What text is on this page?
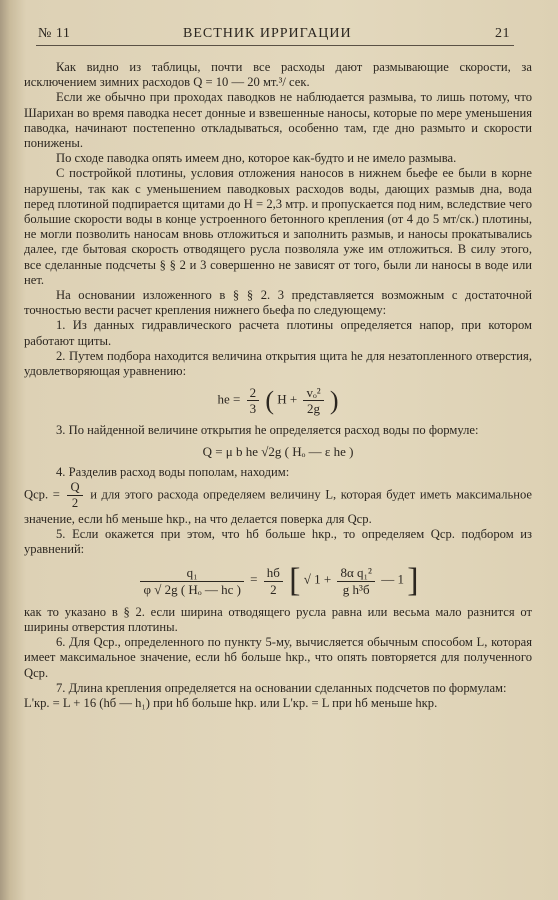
№ 11	ВЕСТНИК ИРРИГАЦИИ	21

Как видно из таблицы, почти все расходы дают размывающие скорости, за исключением зимних расходов Q = 10 — 20 мт.³/ сек.

Если же обычно при проходах паводков не наблюдается размыва, то лишь потому, что Шарихан во время паводка несет донные и взвешенные наносы, которые по мере уменьшения паводка, начинают постепенно откладываться, особенно там, где дно размыто и скорости понижены.

По сходе паводка опять имеем дно, которое как-будто и не имело размыва.

С постройкой плотины, условия отложения наносов в нижнем бьефе ее были в корне нарушены, так как с уменьшением паводковых расходов воды, дающих размыв дна, вода перед плотиной подпирается щитами до H = 2,3 мтр. и пропускается под ним, вследствие чего большие скорости воды в конце устроенного бетонного крепления (от 4 до 5 мт/ск.) плотины, не могли позволить наносам вновь отложиться и заполнить размыв, и наносы прокатывались далее, где бытовая скорость отводящего русла позволяла уже им отложиться. В силу этого, все сделанные подсчеты § § 2 и 3 совершенно не зависят от того, были ли наносы в воде или нет.

На основании изложенного в § § 2. 3 представляется возможным с достаточной точностью вести расчет крепления нижнего бьефа по следующему:

1. Из данных гидравлического расчета плотины определяется напор, при котором работают щиты.

2. Путем подбора находится величина открытия щита hе для незатопленного отверстия, удовлетворяющая уравнению:

hе = $\frac{2}{3}$ ( $H + \frac{\text{vₒ²}}{2g}$ )

3. По найденной величине открытия hе определяется расход воды по формуле:

Q = μ b hе √2g ( Hₒ — ε hе )

4. Разделив расход воды пополам, находим:

Qср. = $\frac{Q}{2}$ и для этого расхода определяем величину L, которая будет иметь максимальное значение, если hб меньше hкр., на что делается поверка для Qср.

5. Если окажется при этом, что hб больше hкр., то определяем Qср. подбором из уравнений:

$\frac{\text{q₁}}{\text{φ √ 2g ( Hₒ — hс )}} = \frac{hб}{2}$ [ √ $1 + \frac{\text{8α q₁²}}{\text{g h³б}}$ — 1 ]

как то указано в § 2. если ширина отводящего русла равна или весьма мало разнится от ширины отверстия плотины.

6. Для Qср., определенного по пункту 5-му, вычисляется обычным способом L, которая имеет максимальное значение, если hб больше hкр., что опять повторяется для полученного Qср.

7. Длина крепления определяется на основании сделанных подсчетов по формулам:

L'кр. = L + 16 (hб — h₁) при hб больше hкр. или L'кр. = L при hб меньше hкр.
